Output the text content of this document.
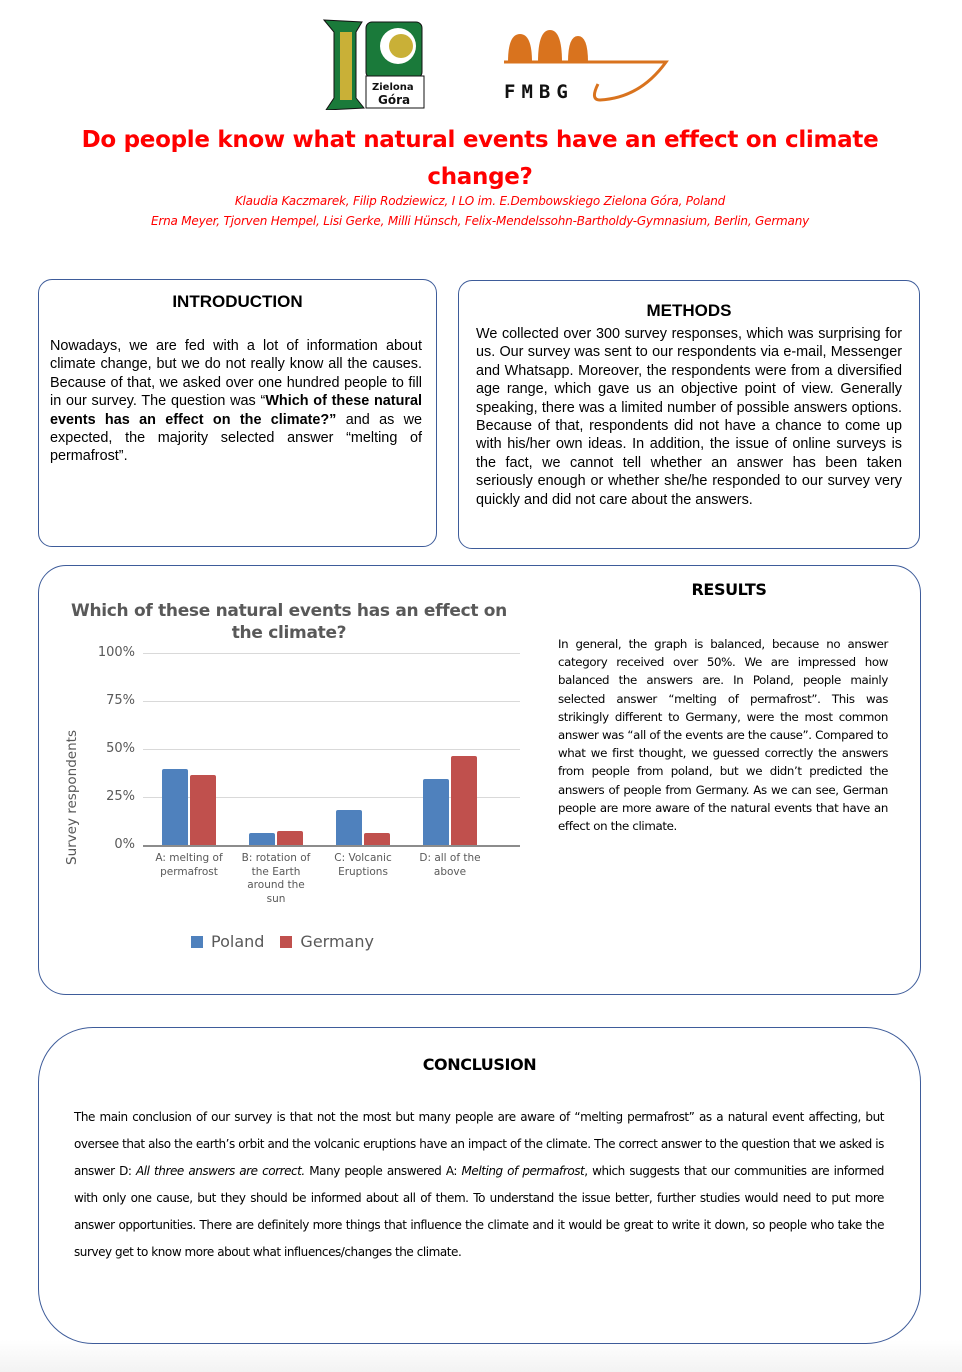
Zielona
Góra	FMBG
Do people know what natural events have an effect on climate change?
Klaudia Kaczmarek, Filip Rodziewicz, I LO im. E.Dembowskiego Zielona Góra, Poland
Erna Meyer, Tjorven Hempel, Lisi Gerke, Milli Hünsch, Felix-Mendelssohn-Bartholdy-Gymnasium, Berlin, Germany
INTRODUCTION
Nowadays, we are fed with a lot of information about climate change, but we do not really know all the causes. Because of that, we asked over one hundred people to fill in our survey. The question was “Which of these natural events has an effect on the climate?” and as we expected, the majority selected answer “melting of permafrost”.
METHODS
We collected over 300 survey responses, which was surprising for us. Our survey was sent to our respondents via e-mail, Messenger and Whatsapp. Moreover, the respondents were from a diversified age range, which gave us an objective point of view. Generally speaking, there was a limited number of possible answers options. Because of that, respondents did not have a chance to come up with his/her own ideas. In addition, the issue of online surveys is the fact, we cannot tell whether an answer has been taken seriously enough or whether she/he responded to our survey very quickly and did not care about the answers.
Which of these natural events has an effect on the climate?
Survey respondents
100%
75%
50%
25%
0%
A: melting of
permafrost
B: rotation of
the Earth
around the
sun
C: Volcanic
Eruptions
D: all of the
above
Poland Germany
RESULTS
In general, the graph is balanced, because no answer category received over 50%. We are impressed how balanced the answers are. In Poland, people mainly selected answer “melting of permafrost”. This was strikingly different to Germany, were the most common answer was “all of the events are the cause”. Compared to what we first thought, we guessed correctly the answers from people from poland, but we didn’t predicted the answers of people from Germany. As we can see, German people are more aware of the natural events that have an effect on the climate.
CONCLUSION
The main conclusion of our survey is that not the most but many people are aware of “melting permafrost” as a natural event affecting, but oversee that also the earth’s orbit and the volcanic eruptions have an impact of the climate. The correct answer to the question that we asked is answer D: All three answers are correct. Many people answered A: Melting of permafrost, which suggests that our communities are informed with only one cause, but they should be informed about all of them. To understand the issue better, further studies would need to put more answer opportunities. There are definitely more things that influence the climate and it would be great to write it down, so people who take the survey get to know more about what influences/changes the climate.
